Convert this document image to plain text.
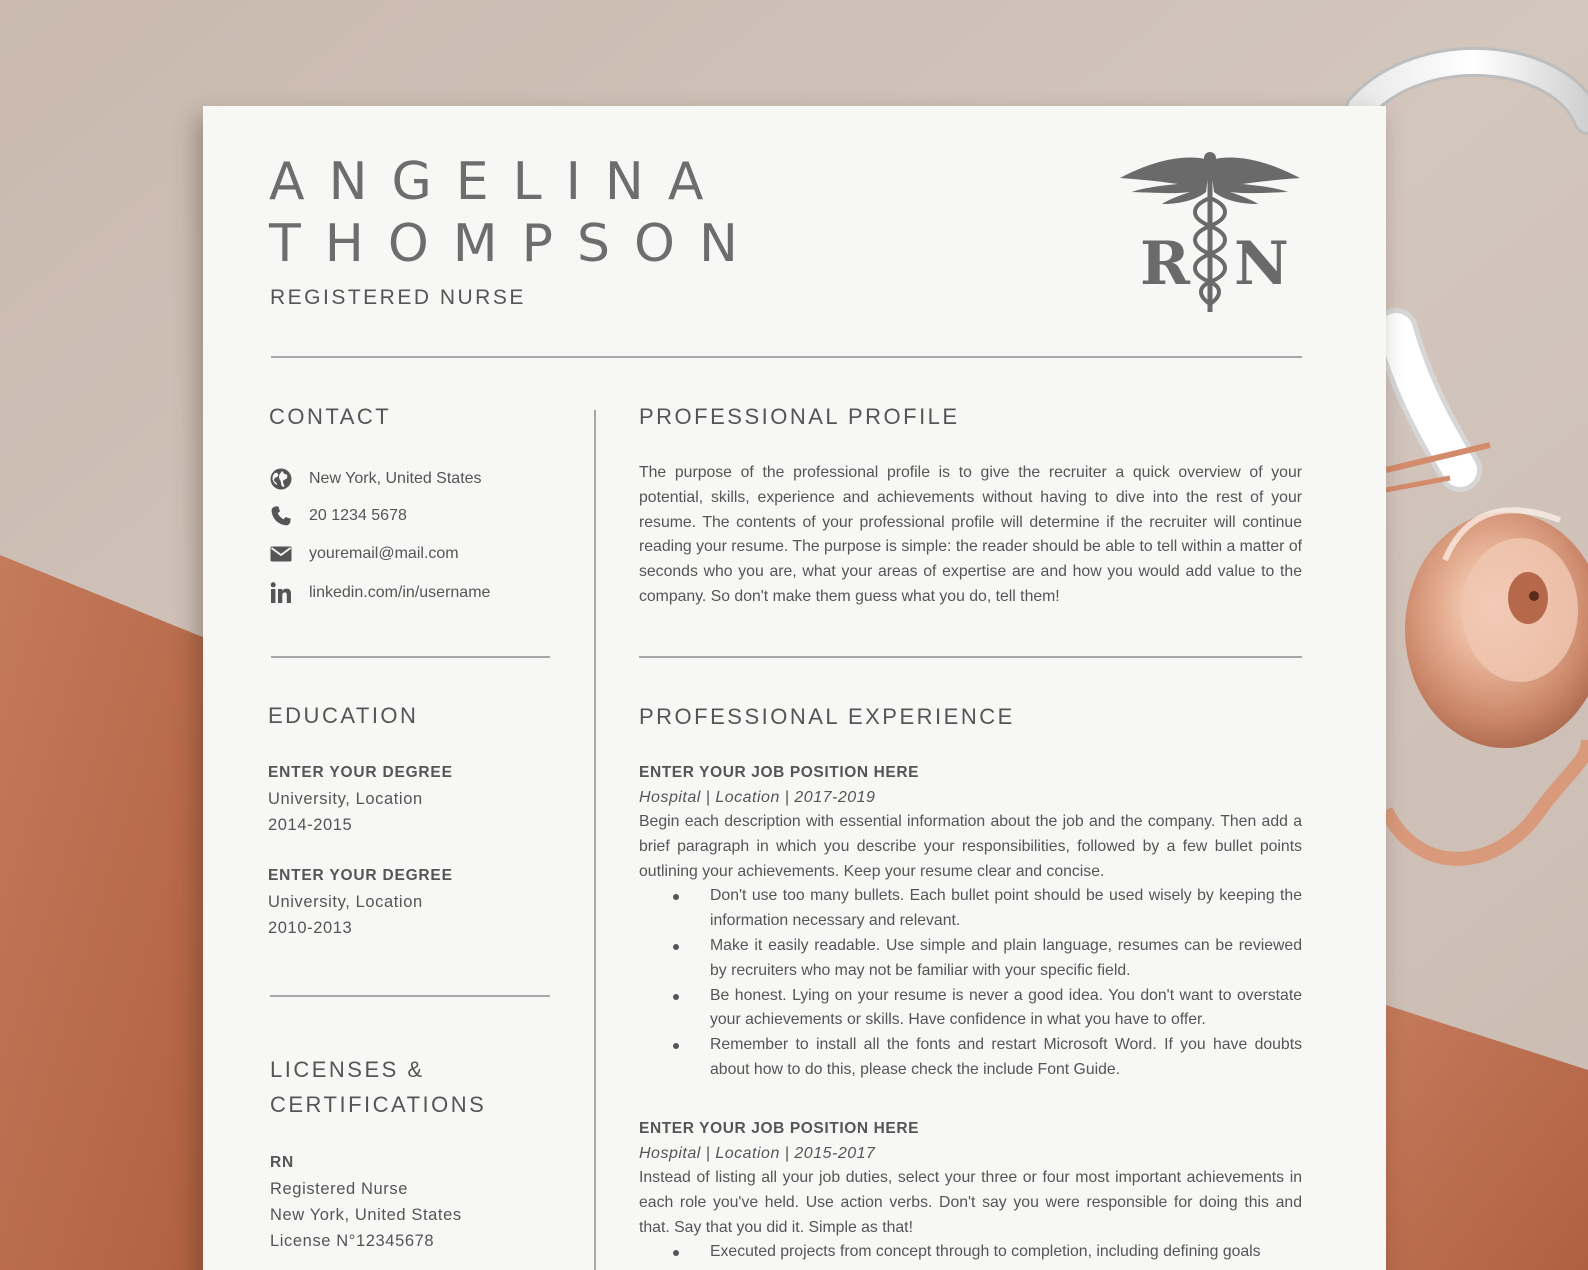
ANGELINA
THOMPSON
REGISTERED NURSE	R N
CONTACT
New York, United States
20 1234 5678
youremail@mail.com
linkedin.com/in/username
EDUCATION
ENTER YOUR DEGREE
University, Location
2014-2015
ENTER YOUR DEGREE
University, Location
2010-2013
LICENSES &
CERTIFICATIONS
RN
Registered Nurse
New York, United States
License N°12345678
PROFESSIONAL PROFILE
The purpose of the professional profile is to give the recruiter a quick overview of your potential, skills, experience and achievements without having to dive into the rest of your resume. The contents of your professional profile will determine if the recruiter will continue reading your resume. The purpose is simple: the reader should be able to tell within a matter of seconds who you are, what your areas of expertise are and how you would add value to the company. So don't make them guess what you do, tell them!
PROFESSIONAL EXPERIENCE
ENTER YOUR JOB POSITION HERE
Hospital | Location | 2017-2019
Begin each description with essential information about the job and the company. Then add a brief paragraph in which you describe your responsibilities, followed by a few bullet points outlining your achievements. Keep your resume clear and concise.
Don't use too many bullets. Each bullet point should be used wisely by keeping the information necessary and relevant.
Make it easily readable. Use simple and plain language, resumes can be reviewed by recruiters who may not be familiar with your specific field.
Be honest. Lying on your resume is never a good idea. You don't want to overstate your achievements or skills. Have confidence in what you have to offer.
Remember to install all the fonts and restart Microsoft Word. If you have doubts about how to do this, please check the include Font Guide.
ENTER YOUR JOB POSITION HERE
Hospital | Location | 2015-2017
Instead of listing all your job duties, select your three or four most important achievements in each role you've held. Use action verbs. Don't say you were responsible for doing this and that. Say that you did it. Simple as that!
Executed projects from concept through to completion, including defining goals
